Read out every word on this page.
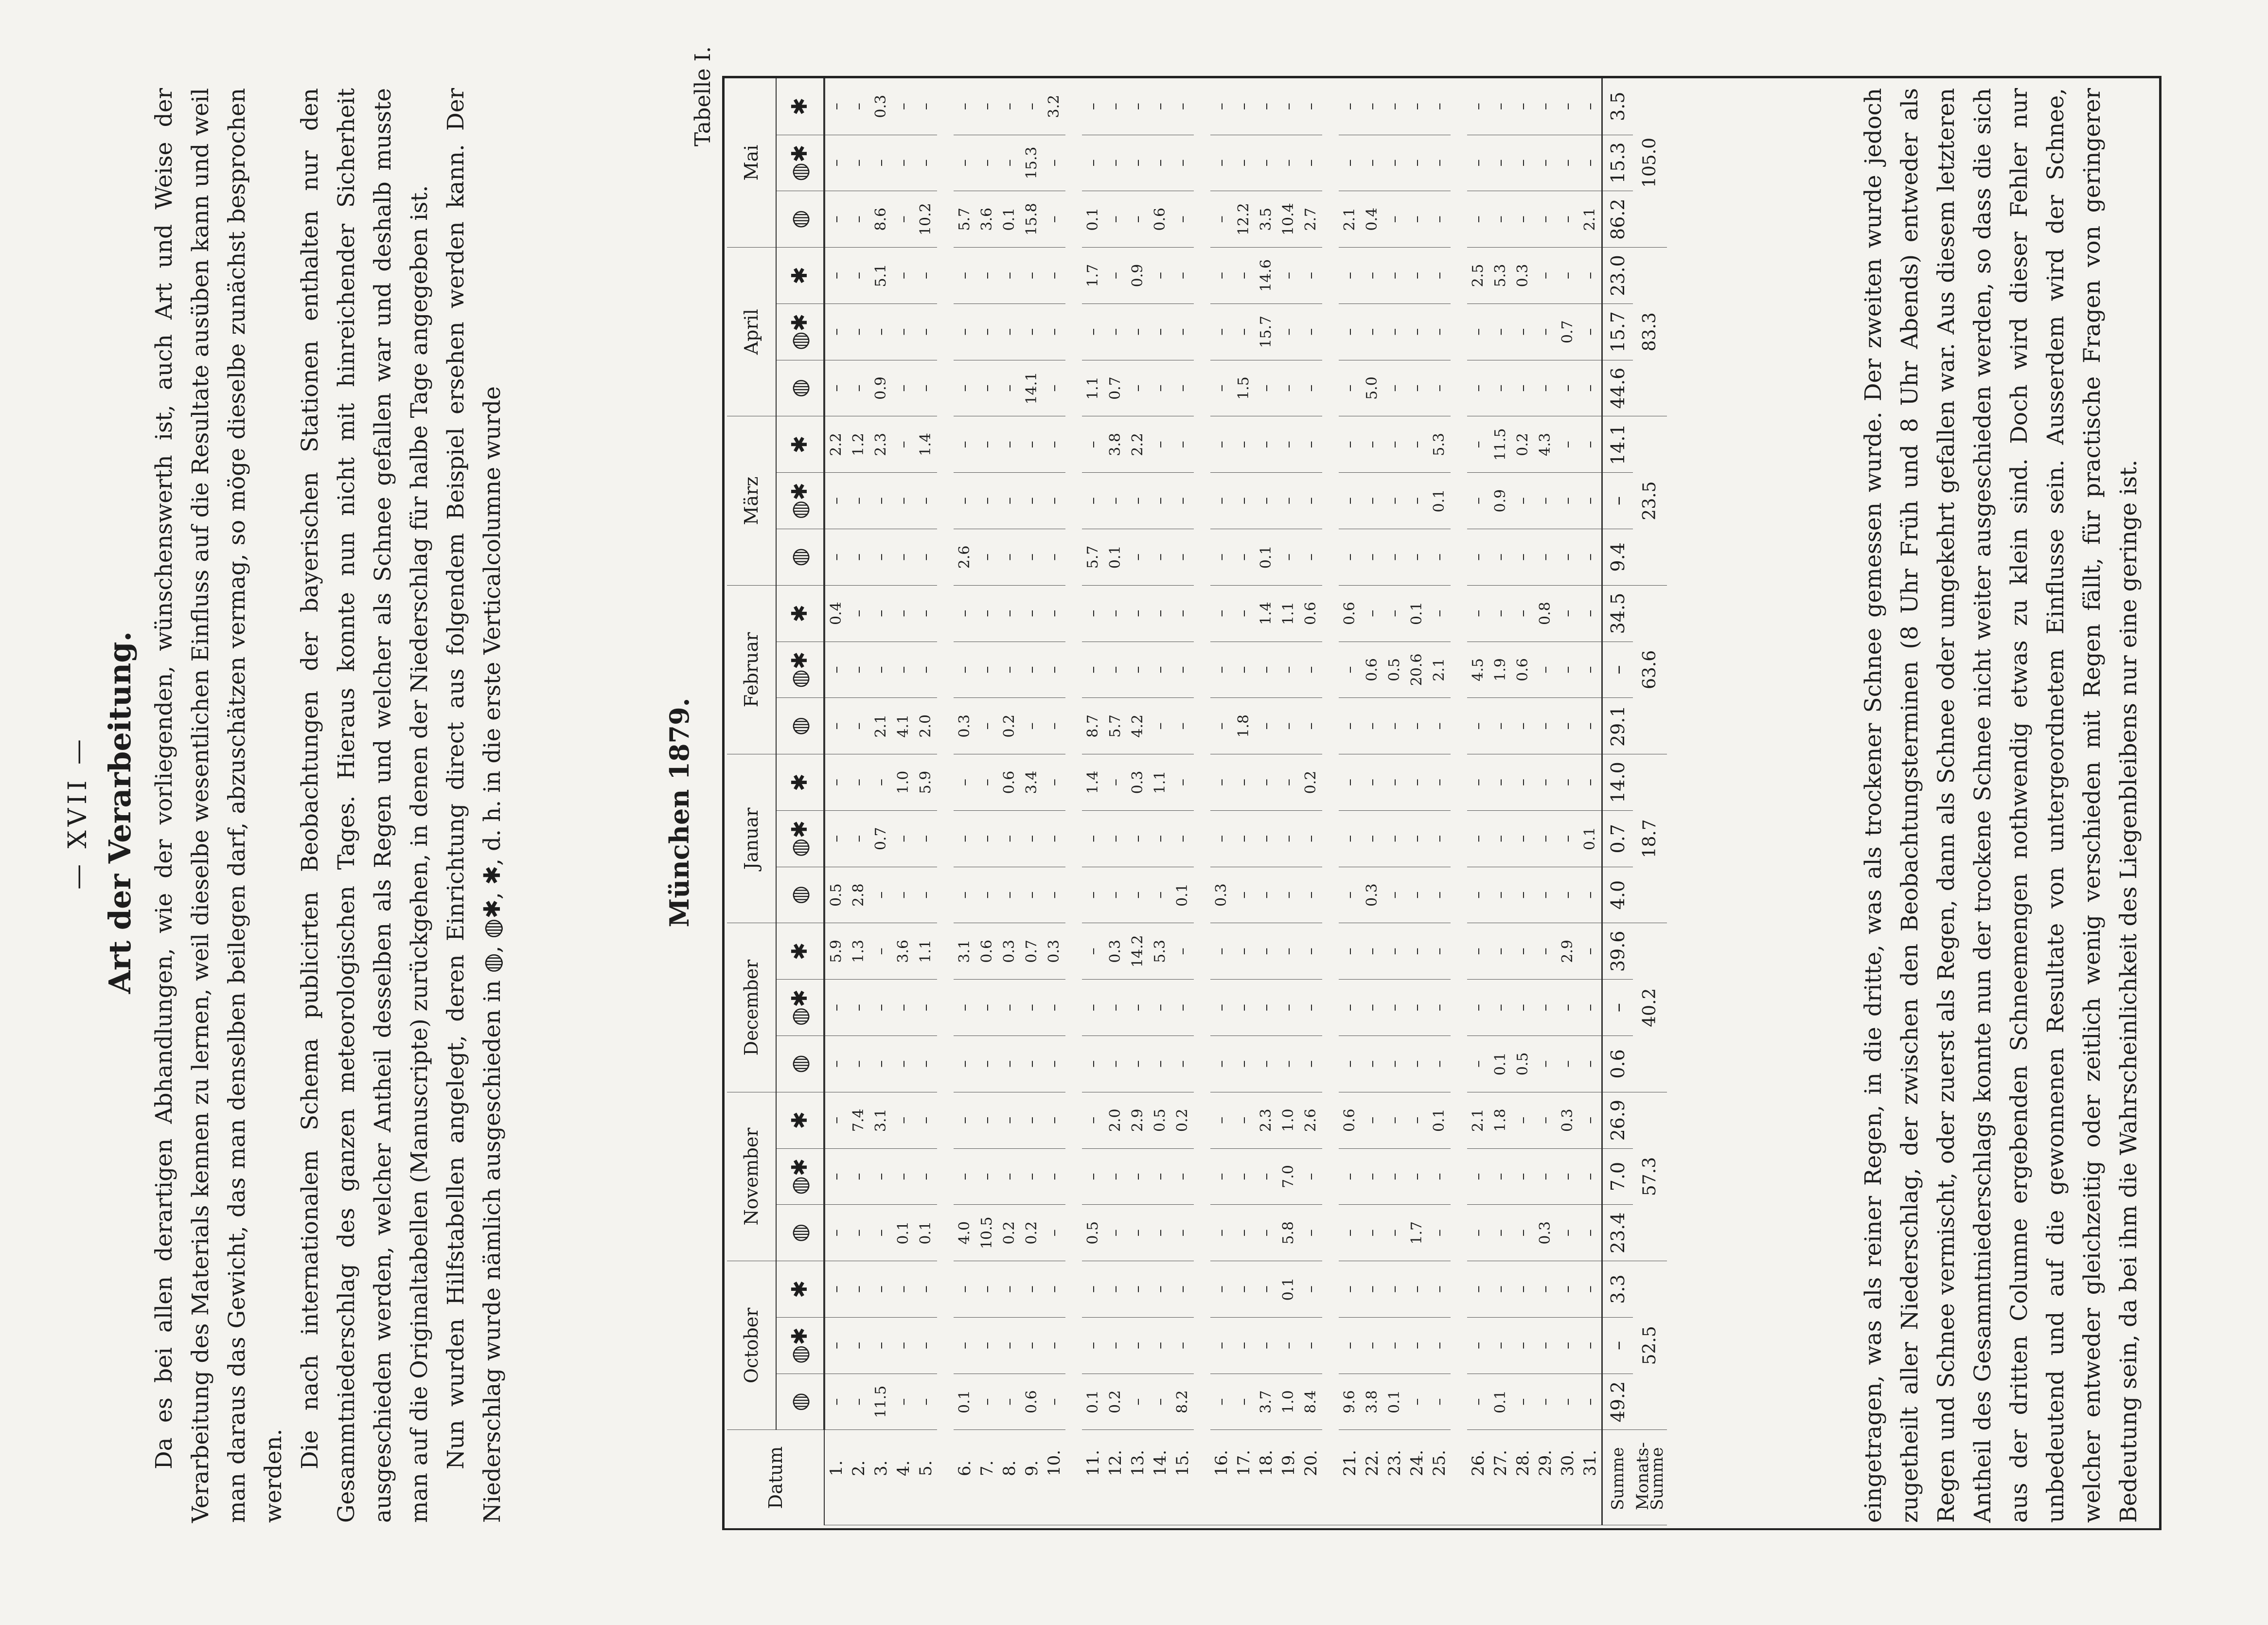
— XVII — Art der Verarbeitung. Da es bei allen derartigen Abhandlungen, wie der vorliegenden, wünschenswerth ist, auch Art und Weise der Verarbeitung des Materials kennen zu lernen, weil dieselbe wesentlichen Einfluss auf die Resultate ausüben kann und weil man daraus das Gewicht, das man denselben beilegen darf, abzuschätzen vermag, so möge dieselbe zunächst besprochen werden.

Die nach internationalem Schema publicirten Beobachtungen der bayerischen Stationen enthalten nur den Gesammtniederschlag des ganzen meteorologischen Tages. Hieraus konnte nun nicht mit hinreichender Sicherheit ausgeschieden werden, welcher Antheil desselben als Regen und welcher als Schnee gefallen war und deshalb musste man auf die Originaltabellen (Manuscripte) zurückgehen, in denen der Niederschlag für halbe Tage angegeben ist. Nun wurden Hilfstabellen angelegt, deren Einrichtung direct aus folgendem Beispiel ersehen werden kann. Der Niederschlag wurde nämlich ausgeschieden in ◍, ◍✱, ✱, d. h. in die erste Verticalcolumne wurde	München 1879.
Tabelle I.
Datum	October			November			December			Januar			Februar			März			April			Mai		
	◍	◍✱	✱	◍	◍✱	✱	◍	◍✱	✱	◍	◍✱	✱	◍	◍✱	✱	◍	◍✱	✱	◍	◍✱	✱	◍	◍✱	✱
1.	–	–	–	–	–	–	–	–	5.9	0.5	–	–	–	–	0.4	–	–	2.2	–	–	–	–	–	–
2.	–	–	–	–	–	7.4	–	–	1.3	2.8	–	–	–	–	–	–	–	1.2	–	–	–	–	–	–
3.	11.5	–	–	–	–	3.1	–	–	–	–	0.7	–	2.1	–	–	–	–	2.3	0.9	–	5.1	8.6	–	0.3
4.	–	–	–	0.1	–	–	–	–	3.6	–	–	1.0	4.1	–	–	–	–	–	–	–	–	–	–	–
5.	–	–	–	0.1	–	–	–	–	1.1	–	–	5.9	2.0	–	–	–	–	1.4	–	–	–	10.2	–	–

6.	0.1	–	–	4.0	–	–	–	–	3.1	–	–	–	0.3	–	–	2.6	–	–	–	–	–	5.7	–	–
7.	–	–	–	10.5	–	–	–	–	0.6	–	–	–	–	–	–	–	–	–	–	–	–	3.6	–	–
8.	–	–	–	0.2	–	–	–	–	0.3	–	–	0.6	0.2	–	–	–	–	–	–	–	–	0.1	–	–
9.	0.6	–	–	0.2	–	–	–	–	0.7	–	–	3.4	–	–	–	–	–	–	14.1	–	–	15.8	15.3	–
10.	–	–	–	–	–	–	–	–	0.3	–	–	–	–	–	–	–	–	–	–	–	–	–	–	3.2

11.	0.1	–	–	0.5	–	–	–	–	–	–	–	1.4	8.7	–	–	5.7	–	–	1.1	–	1.7	0.1	–	–
12.	0.2	–	–	–	–	2.0	–	–	0.3	–	–	–	5.7	–	–	0.1	–	3.8	0.7	–	–	–	–	–
13.	–	–	–	–	–	2.9	–	–	14.2	–	–	0.3	4.2	–	–	–	–	2.2	–	–	0.9	–	–	–
14.	–	–	–	–	–	0.5	–	–	5.3	–	–	1.1	–	–	–	–	–	–	–	–	–	0.6	–	–
15.	8.2	–	–	–	–	0.2	–	–	–	0.1	–	–	–	–	–	–	–	–	–	–	–	–	–	–

16.	–	–	–	–	–	–	–	–	–	0.3	–	–	–	–	–	–	–	–	–	–	–	–	–	–
17.	–	–	–	–	–	–	–	–	–	–	–	–	1.8	–	–	–	–	–	1.5	–	–	12.2	–	–
18.	3.7	–	–	–	–	2.3	–	–	–	–	–	–	–	–	1.4	0.1	–	–	–	15.7	14.6	3.5	–	–
19.	1.0	–	0.1	5.8	7.0	1.0	–	–	–	–	–	–	–	–	1.1	–	–	–	–	–	–	10.4	–	–
20.	8.4	–	–	–	–	2.6	–	–	–	–	–	0.2	–	–	0.6	–	–	–	–	–	–	2.7	–	–

21.	9.6	–	–	–	–	0.6	–	–	–	–	–	–	–	–	0.6	–	–	–	–	–	–	2.1	–	–
22.	3.8	–	–	–	–	–	–	–	–	0.3	–	–	–	0.6	–	–	–	–	5.0	–	–	0.4	–	–
23.	0.1	–	–	–	–	–	–	–	–	–	–	–	–	0.5	–	–	–	–	–	–	–	–	–	–
24.	–	–	–	1.7	–	–	–	–	–	–	–	–	–	20.6	0.1	–	–	–	–	–	–	–	–	–
25.	–	–	–	–	–	0.1	–	–	–	–	–	–	–	2.1	–	–	0.1	5.3	–	–	–	–	–	–

26.	–	–	–	–	–	2.1	–	–	–	–	–	–	–	4.5	–	–	–	–	–	–	2.5	–	–	–
27.	0.1	–	–	–	–	1.8	0.1	–	–	–	–	–	–	1.9	–	–	0.9	11.5	–	–	5.3	–	–	–
28.	–	–	–	–	–	–	0.5	–	–	–	–	–	–	0.6	–	–	–	0.2	–	–	0.3	–	–	–
29.	–	–	–	0.3	–	–	–	–	–	–	–	–	–	–	0.8	–	–	4.3	–	–	–	–	–	–
30.	–	–	–	–	–	0.3	–	–	2.9	–	–	–	–	–	–	–	–	–	–	0.7	–	–	–	–
31.	–	–	–	–	–	–	–	–	–	–	0.1	–	–	–	–	–	–	–	–	–	–	2.1	–	–
Summe	49.2	–	3.3	23.4	7.0	26.9	0.6	–	39.6	4.0	0.7	14.0	29.1	–	34.5	9.4	–	14.1	44.6	15.7	23.0	86.2	15.3	3.5
Monats-Summe	52.5			57.3			40.2			18.7			63.6			23.5			83.3			105.0			eingetragen, was als reiner Regen, in die dritte, was als trockener Schnee gemessen wurde. Der zweiten wurde jedoch zugetheilt aller Niederschlag, der zwischen den Beobachtungsterminen (8 Uhr Früh und 8 Uhr Abends) entweder als Regen und Schnee vermischt, oder zuerst als Regen, dann als Schnee oder umgekehrt gefallen war. Aus diesem letzteren Antheil des Gesammtniederschlags konnte nun der trockene Schnee nicht weiter ausgeschieden werden, so dass die sich aus der dritten Columne ergebenden Schneemengen nothwendig etwas zu klein sind. Doch wird dieser Fehler nur unbedeutend und auf die gewonnenen Resultate von untergeordnetem Einflusse sein. Ausserdem wird der Schnee, welcher entweder gleichzeitig oder zeitlich wenig verschieden mit Regen fällt, für practische Fragen von geringerer Bedeutung sein, da bei ihm die Wahrscheinlichkeit des Liegenbleibens nur eine geringe ist.
